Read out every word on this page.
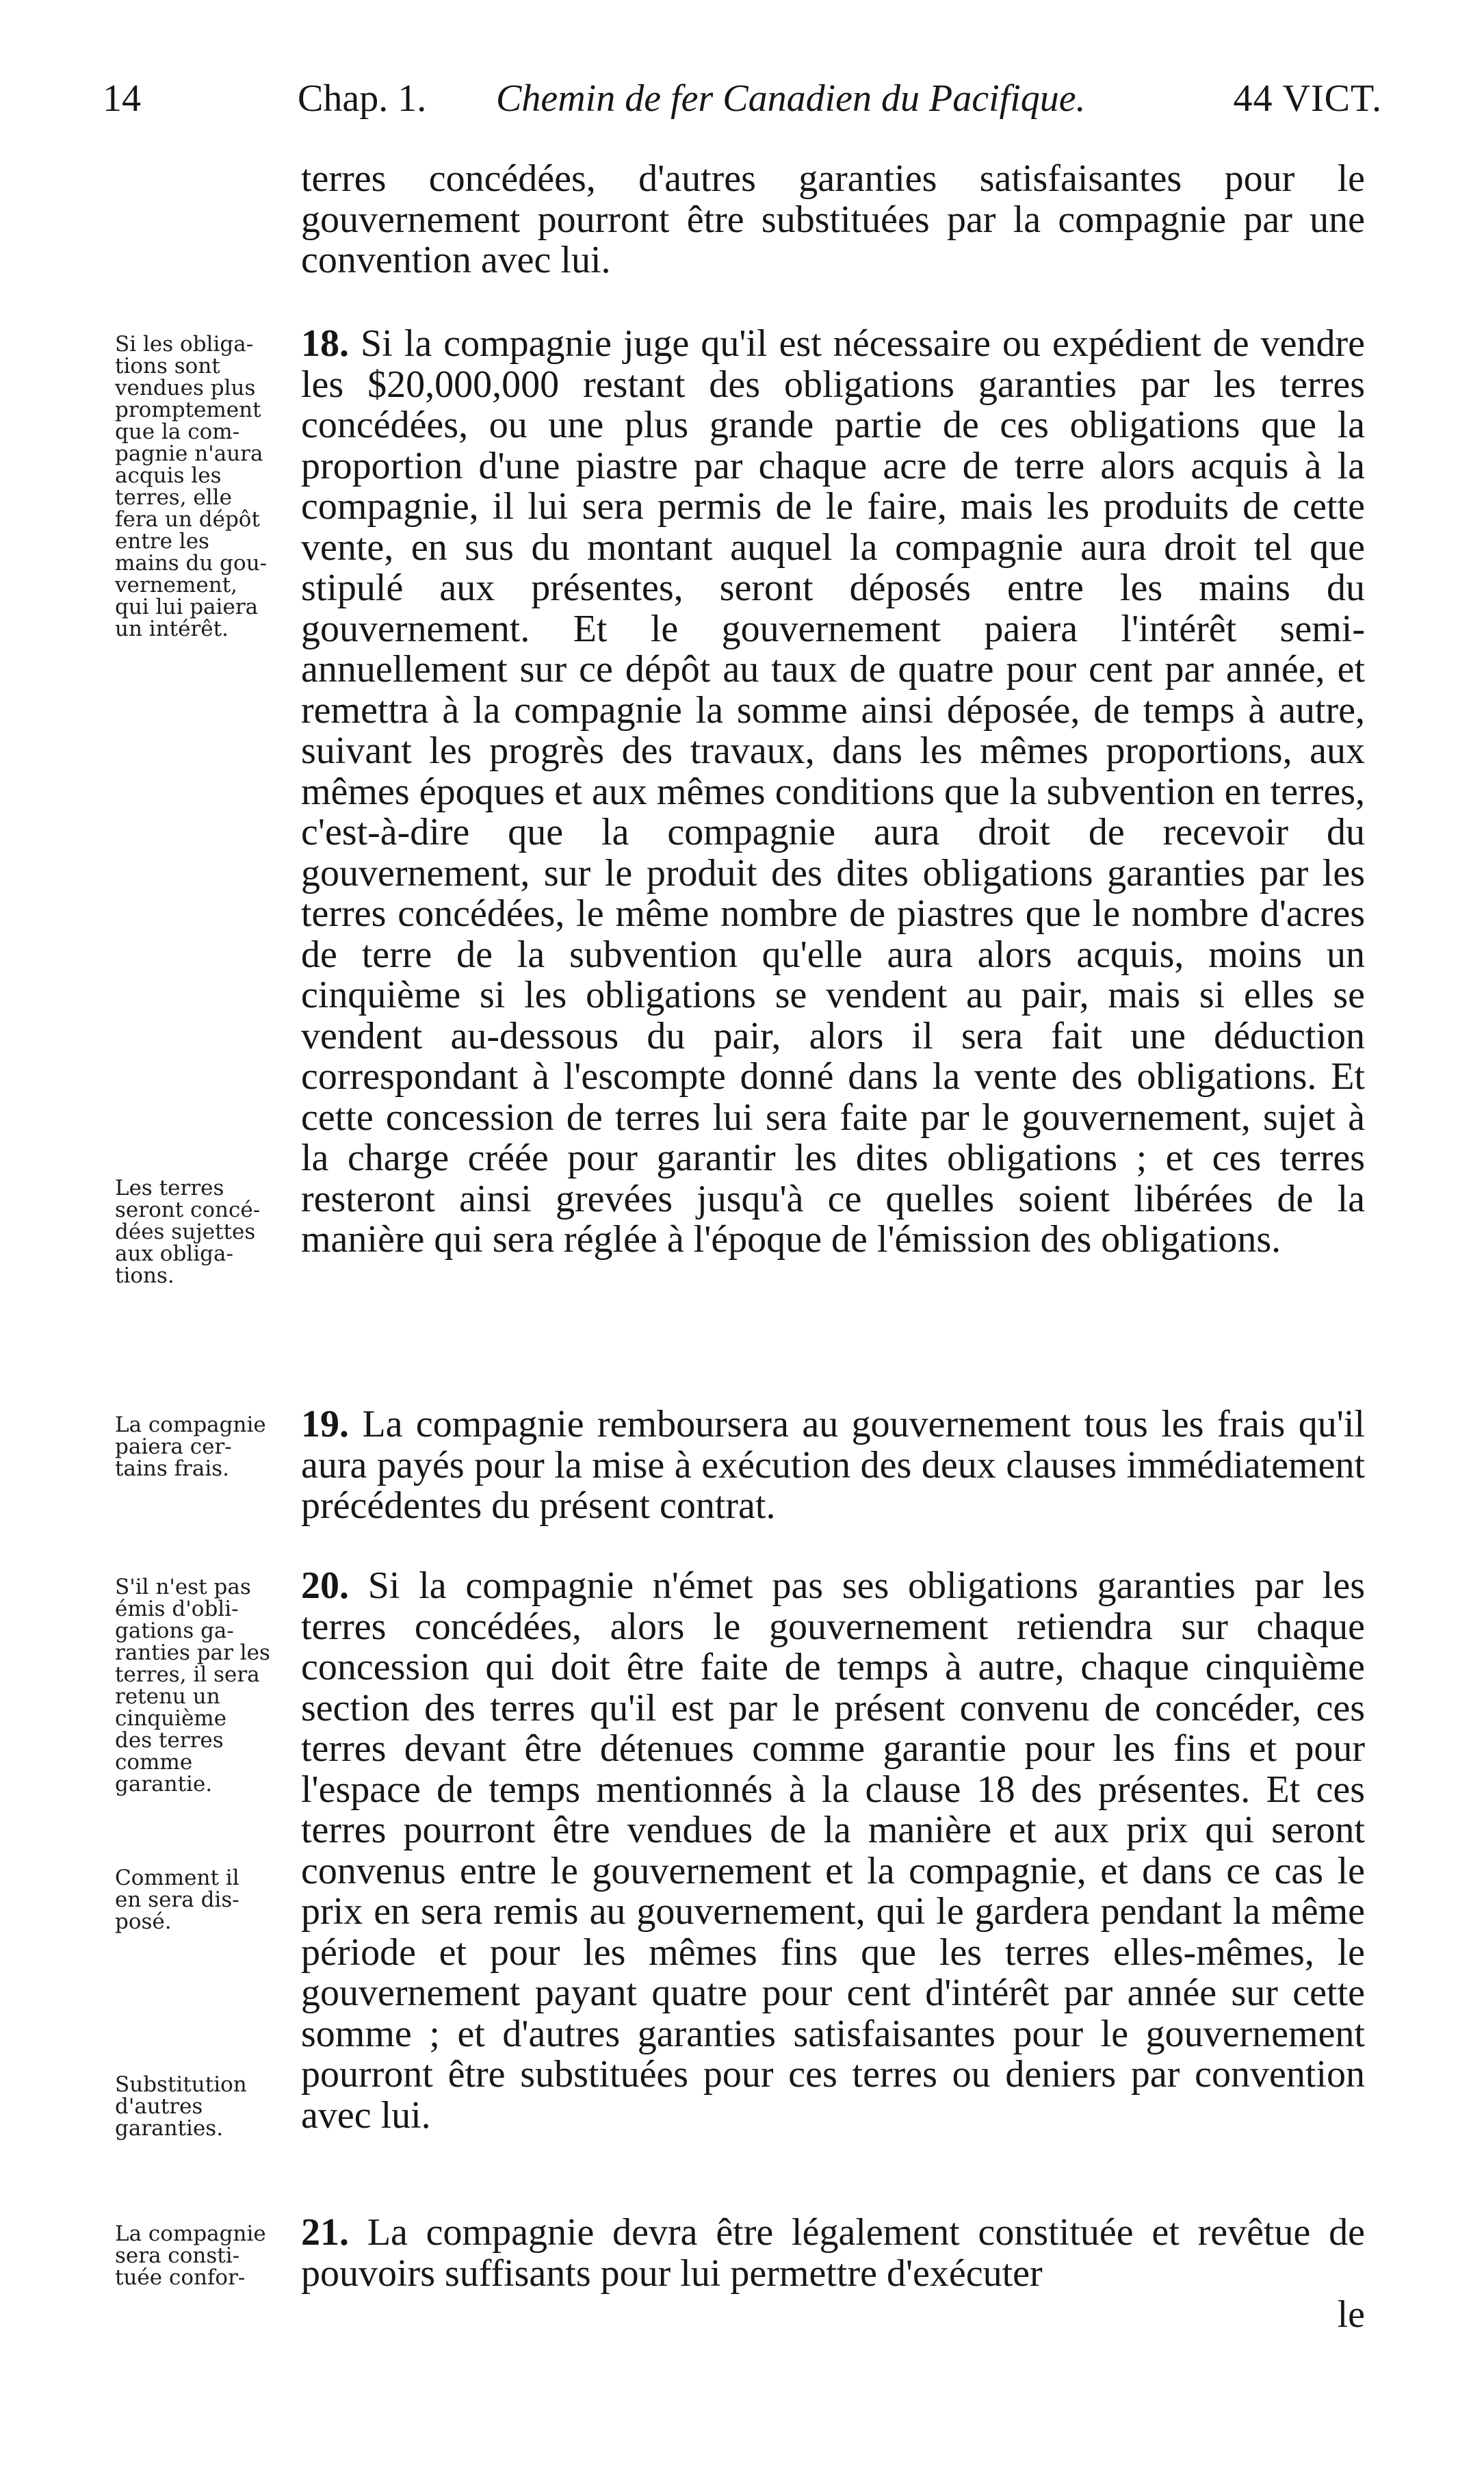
14	Chap. 1. Chemin de fer Canadien du Pacifique.	44 VICT.
terres concédées, d'autres garanties satisfaisantes pour le gouvernement pourront être substituées par la compagnie par une convention avec lui.
18. Si la compagnie juge qu'il est nécessaire ou expédient de vendre les $20,000,000 restant des obligations garanties par les terres concédées, ou une plus grande partie de ces obligations que la proportion d'une piastre par chaque acre de terre alors acquis à la compagnie, il lui sera permis de le faire, mais les produits de cette vente, en sus du montant auquel la compagnie aura droit tel que stipulé aux présentes, seront déposés entre les mains du gouvernement. Et le gouvernement paiera l'intérêt semi-annuellement sur ce dépôt au taux de quatre pour cent par année, et remettra à la compagnie la somme ainsi déposée, de temps à autre, suivant les progrès des travaux, dans les mêmes proportions, aux mêmes époques et aux mêmes conditions que la subvention en terres, c'est-à-dire que la compagnie aura droit de recevoir du gouvernement, sur le produit des dites obligations garanties par les terres concédées, le même nombre de piastres que le nombre d'acres de terre de la subvention qu'elle aura alors acquis, moins un cinquième si les obligations se vendent au pair, mais si elles se vendent au-dessous du pair, alors il sera fait une déduction correspondant à l'escompte donné dans la vente des obligations. Et cette concession de terres lui sera faite par le gouvernement, sujet à la charge créée pour garantir les dites obligations ; et ces terres resteront ainsi grevées jusqu'à ce quelles soient libérées de la manière qui sera réglée à l'époque de l'émission des obligations.
19. La compagnie remboursera au gouvernement tous les frais qu'il aura payés pour la mise à exécution des deux clauses immédiatement précédentes du présent contrat.
20. Si la compagnie n'émet pas ses obligations garanties par les terres concédées, alors le gouvernement retiendra sur chaque concession qui doit être faite de temps à autre, chaque cinquième section des terres qu'il est par le présent convenu de concéder, ces terres devant être détenues comme garantie pour les fins et pour l'espace de temps mentionnés à la clause 18 des présentes. Et ces terres pourront être vendues de la manière et aux prix qui seront convenus entre le gouvernement et la compagnie, et dans ce cas le prix en sera remis au gouvernement, qui le gardera pendant la même période et pour les mêmes fins que les terres elles-mêmes, le gouvernement payant quatre pour cent d'intérêt par année sur cette somme ; et d'autres garanties satisfaisantes pour le gouvernement pourront être substituées pour ces terres ou deniers par convention avec lui.
21. La compagnie devra être légalement constituée et revêtue de pouvoirs suffisants pour lui permettre d'exécuter
le
Si les obliga-
tions sont
vendues plus
promptement
que la com-
pagnie n'aura
acquis les
terres, elle
fera un dépôt
entre les
mains du gou-
vernement,
qui lui paiera
un intérêt.
Les terres
seront concé-
dées sujettes
aux obliga-
tions.
La compagnie
paiera cer-
tains frais.
S'il n'est pas
émis d'obli-
gations ga-
ranties par les
terres, il sera
retenu un
cinquième
des terres
comme
garantie.
Comment il
en sera dis-
posé.
Substitution
d'autres
garanties.
La compagnie
sera consti-
tuée confor-
